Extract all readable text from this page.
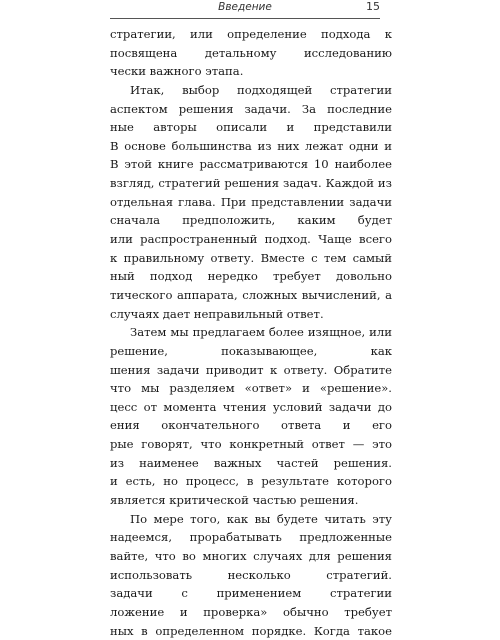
Введение	15
стратегии, или определение подхода к
посвящена детальному исследованию
чески важного этапа.
Итак, выбор подходящей стратегии
аспектом решения задачи. За последние
ные авторы описали и представили
В основе большинства из них лежат одни и
В этой книге рассматриваются 10 наиболее
взгляд, стратегий решения задач. Каждой из
отдельная глава. При представлении задачи
сначала предположить, каким будет
или распространенный подход. Чаще всего
к правильному ответу. Вместе с тем самый
ный подход нередко требует довольно
тического аппарата, сложных вычислений, а
случаях дает неправильный ответ.
Затем мы предлагаем более изящное, или
решение, показывающее, как
шения задачи приводит к ответу. Обратите
что мы разделяем «ответ» и «решение».
цесс от момента чтения условий задачи до
ения окончательного ответа и его
рые говорят, что конкретный ответ — это
из наименее важных частей решения.
и есть, но процесс, в результате которого
является критической частью решения.
По мере того, как вы будете читать эту
надеемся, прорабатывать предложенные
вайте, что во многих случаях для решения
использовать несколько стратегий.
задачи с применением стратегии
ложение и проверка» обычно требует
ных в определенном порядке. Когда такое
